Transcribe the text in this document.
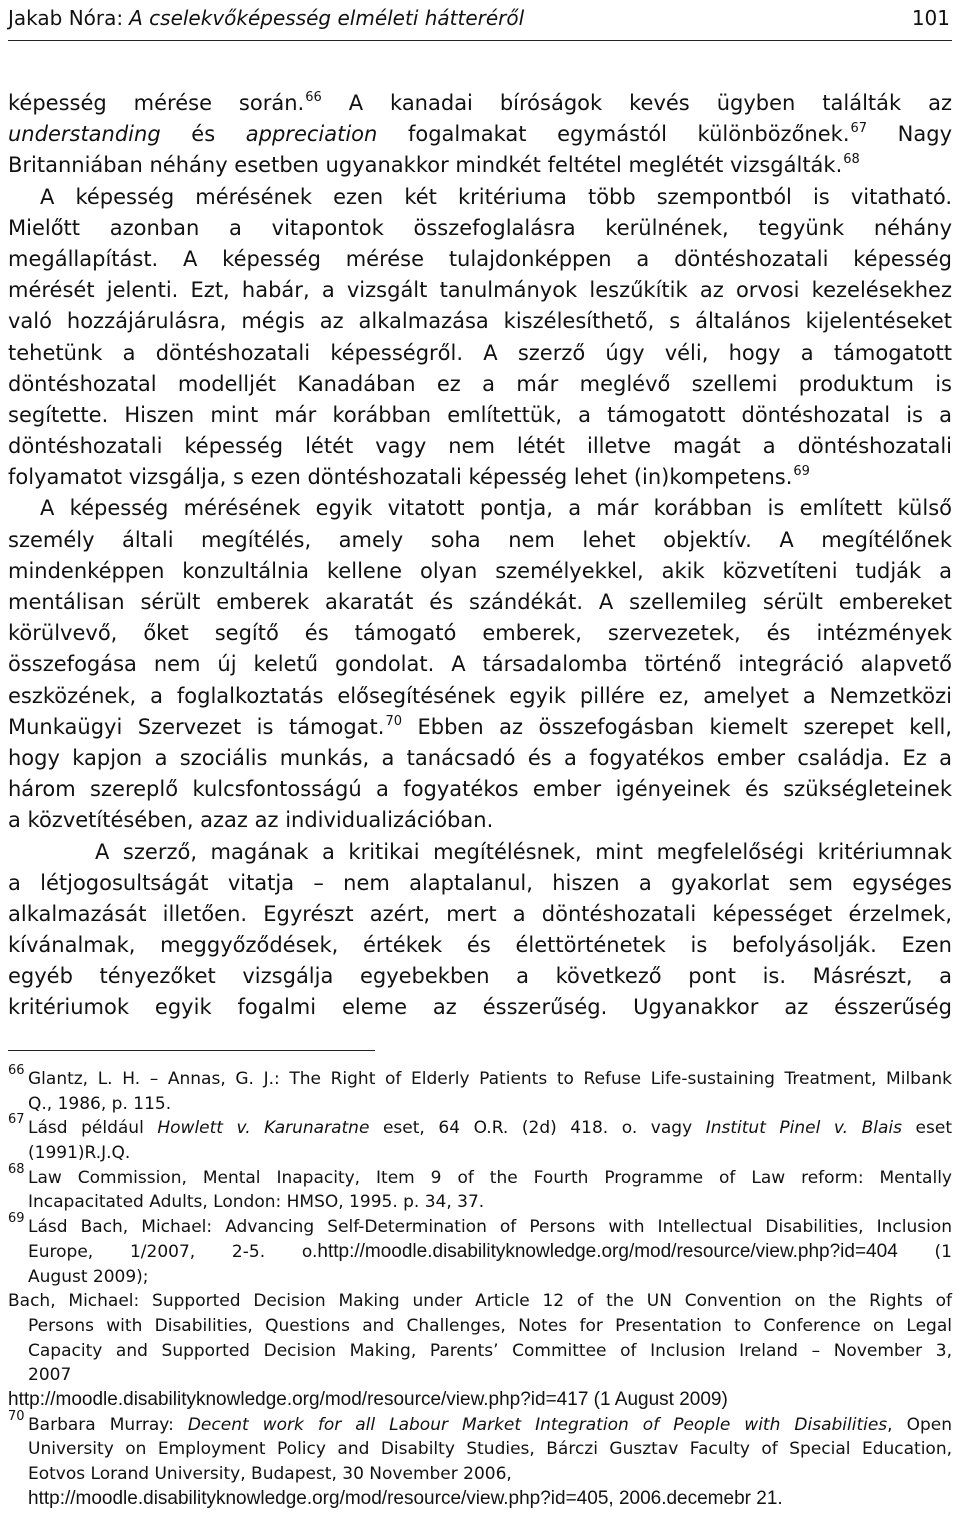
Jakab Nóra: A cselekvőképesség elméleti hátteréről	101
képesség mérése során.$^{66}$ A kanadai bíróságok kevés ügyben találták az
understanding és appreciation fogalmakat egymástól különbözőnek.$^{67}$ Nagy
Britanniában néhány esetben ugyanakkor mindkét feltétel meglétét vizsgálták.$^{68}$
A képesség mérésének ezen két kritériuma több szempontból is vitatható.
Mielőtt azonban a vitapontok összefoglalásra kerülnének, tegyünk néhány
megállapítást. A képesség mérése tulajdonképpen a döntéshozatali képesség
mérését jelenti. Ezt, habár, a vizsgált tanulmányok leszűkítik az orvosi kezelésekhez
való hozzájárulásra, mégis az alkalmazása kiszélesíthető, s általános kijelentéseket
tehetünk a döntéshozatali képességről. A szerző úgy véli, hogy a támogatott
döntéshozatal modelljét Kanadában ez a már meglévő szellemi produktum is
segítette. Hiszen mint már korábban említettük, a támogatott döntéshozatal is a
döntéshozatali képesség létét vagy nem létét illetve magát a döntéshozatali
folyamatot vizsgálja, s ezen döntéshozatali képesség lehet (in)kompetens.$^{69}$
A képesség mérésének egyik vitatott pontja, a már korábban is említett külső
személy általi megítélés, amely soha nem lehet objektív. A megítélőnek
mindenképpen konzultálnia kellene olyan személyekkel, akik közvetíteni tudják a
mentálisan sérült emberek akaratát és szándékát. A szellemileg sérült embereket
körülvevő, őket segítő és támogató emberek, szervezetek, és intézmények
összefogása nem új keletű gondolat. A társadalomba történő integráció alapvető
eszközének, a foglalkoztatás elősegítésének egyik pillére ez, amelyet a Nemzetközi
Munkaügyi Szervezet is támogat.$^{70}$ Ebben az összefogásban kiemelt szerepet kell,
hogy kapjon a szociális munkás, a tanácsadó és a fogyatékos ember családja. Ez a
három szereplő kulcsfontosságú a fogyatékos ember igényeinek és szükségleteinek
a közvetítésében, azaz az individualizációban.
A szerző, magának a kritikai megítélésnek, mint megfelelőségi kritériumnak
a létjogosultságát vitatja – nem alaptalanul, hiszen a gyakorlat sem egységes
alkalmazását illetően. Egyrészt azért, mert a döntéshozatali képességet érzelmek,
kívánalmak, meggyőződések, értékek és élettörténetek is befolyásolják. Ezen
egyéb tényezőket vizsgálja egyebekben a következő pont is. Másrészt, a
kritériumok egyik fogalmi eleme az ésszerűség. Ugyanakkor az ésszerűség
66 Glantz, L. H. – Annas, G. J.: The Right of Elderly Patients to Refuse Life-sustaining Treatment, Milbank
Q., 1986, p. 115.
67 Lásd például Howlett v. Karunaratne eset, 64 O.R. (2d) 418. o. vagy Institut Pinel v. Blais eset
(1991)R.J.Q.
68 Law Commission, Mental Inapacity, Item 9 of the Fourth Programme of Law reform: Mentally
Incapacitated Adults, London: HMSO, 1995. p. 34, 37.
69 Lásd Bach, Michael: Advancing Self-Determination of Persons with Intellectual Disabilities, Inclusion
Europe, 1/2007, 2-5. o.http://moodle.disabilityknowledge.org/mod/resource/view.php?id=404 (1
August 2009);
Bach, Michael: Supported Decision Making under Article 12 of the UN Convention on the Rights of
Persons with Disabilities, Questions and Challenges, Notes for Presentation to Conference on Legal
Capacity and Supported Decision Making, Parents’ Committee of Inclusion Ireland – November 3,
2007
http://moodle.disabilityknowledge.org/mod/resource/view.php?id=417 (1 August 2009)
70 Barbara Murray: Decent work for all Labour Market Integration of People with Disabilities, Open
University on Employment Policy and Disabilty Studies, Bárczi Gusztav Faculty of Special Education,
Eotvos Lorand University, Budapest, 30 November 2006,
http://moodle.disabilityknowledge.org/mod/resource/view.php?id=405, 2006.decemebr 21.
